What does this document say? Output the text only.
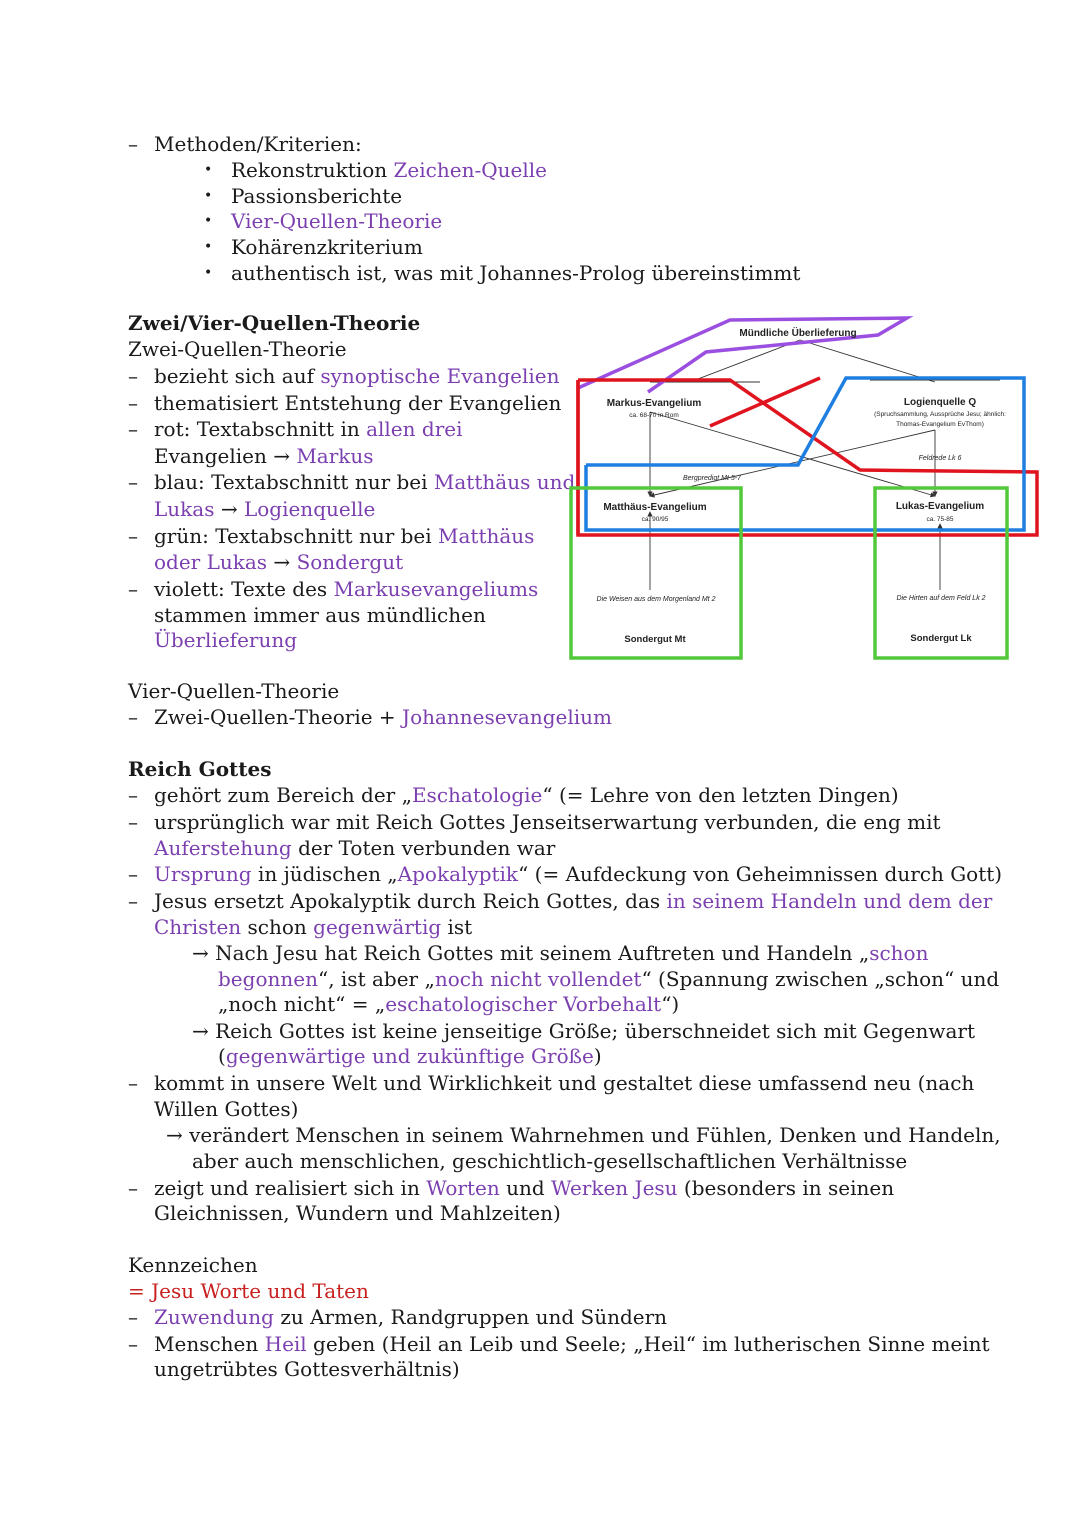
– Methoden/Kriterien:
• Rekonstruktion Zeichen-Quelle
• Passionsberichte
• Vier-Quellen-Theorie
• Kohärenzkriterium
• authentisch ist, was mit Johannes-Prolog übereinstimmt
Zwei/Vier-Quellen-Theorie
Zwei-Quellen-Theorie
– bezieht sich auf synoptische Evangelien
– thematisiert Entstehung der Evangelien
– rot: Textabschnitt in allen drei
Evangelien → Markus
– blau: Textabschnitt nur bei Matthäus und
Lukas → Logienquelle
– grün: Textabschnitt nur bei Matthäus
oder Lukas → Sondergut
– violett: Texte des Markusevangeliums
stammen immer aus mündlichen
Überlieferung
Mündliche Überlieferung
Markus-Evangelium
ca. 68-70 in Rom
Logienquelle Q
(Spruchsammlung, Aussprüche Jesu; ähnlich:
Thomas-Evangelium EvThom)
Feldrede Lk 6
Bergpredigt Mt 5-7
Matthäus-Evangelium
ca. 90/95
Lukas-Evangelium
ca. 75-85
Die Weisen aus dem Morgenland Mt 2	Die Hirten auf dem Feld Lk 2
Sondergut Mt	Sondergut Lk
Vier-Quellen-Theorie
– Zwei-Quellen-Theorie + Johannesevangelium
Reich Gottes
– gehört zum Bereich der „Eschatologie“ (= Lehre von den letzten Dingen)
– ursprünglich war mit Reich Gottes Jenseitserwartung verbunden, die eng mit
Auferstehung der Toten verbunden war
– Ursprung in jüdischen „Apokalyptik“ (= Aufdeckung von Geheimnissen durch Gott)
– Jesus ersetzt Apokalyptik durch Reich Gottes, das in seinem Handeln und dem der
Christen schon gegenwärtig ist
→ Nach Jesu hat Reich Gottes mit seinem Auftreten und Handeln „schon
begonnen“, ist aber „noch nicht vollendet“ (Spannung zwischen „schon“ und
„noch nicht“ = „eschatologischer Vorbehalt“)
→ Reich Gottes ist keine jenseitige Größe; überschneidet sich mit Gegenwart
(gegenwärtige und zukünftige Größe)
– kommt in unsere Welt und Wirklichkeit und gestaltet diese umfassend neu (nach
Willen Gottes)
→ verändert Menschen in seinem Wahrnehmen und Fühlen, Denken und Handeln,
aber auch menschlichen, geschichtlich-gesellschaftlichen Verhältnisse
– zeigt und realisiert sich in Worten und Werken Jesu (besonders in seinen
Gleichnissen, Wundern und Mahlzeiten)
Kennzeichen
= Jesu Worte und Taten
– Zuwendung zu Armen, Randgruppen und Sündern
– Menschen Heil geben (Heil an Leib und Seele; „Heil“ im lutherischen Sinne meint
ungetrübtes Gottesverhältnis)
